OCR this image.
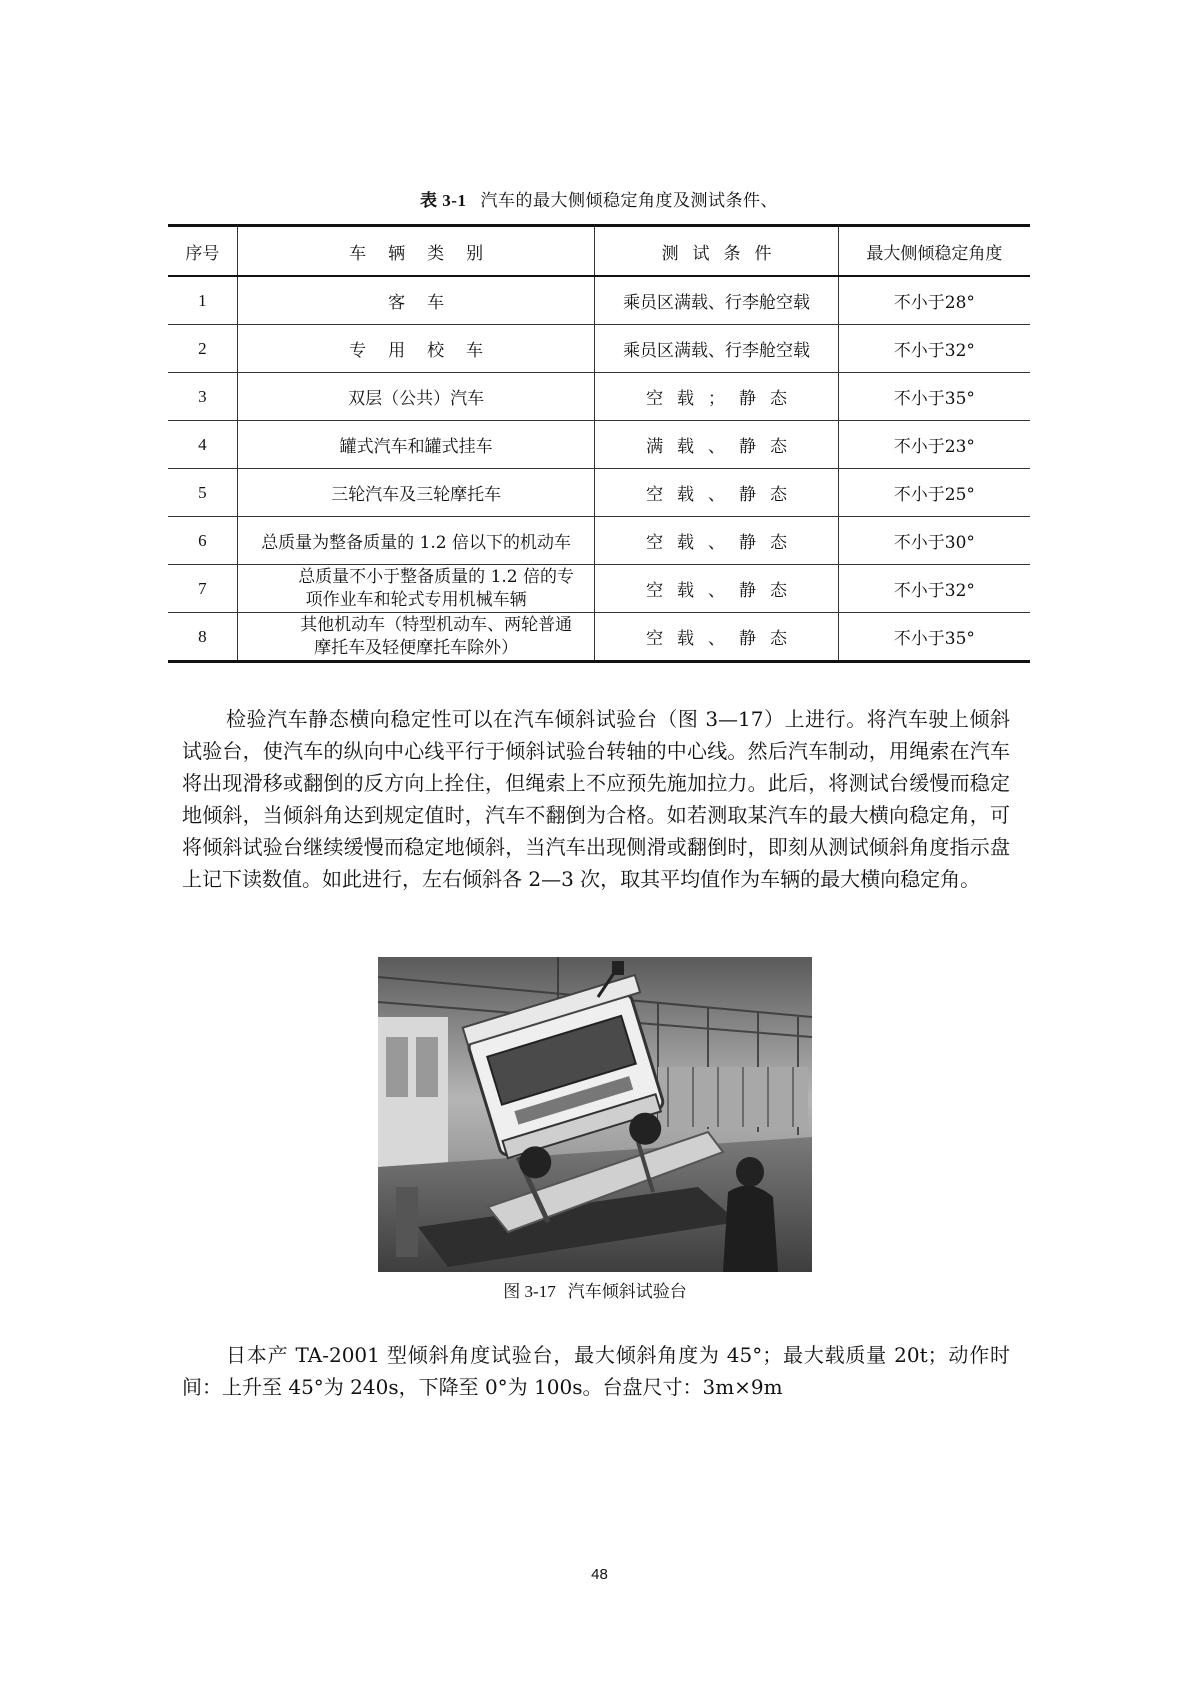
表 3-1 汽车的最大侧倾稳定角度及测试条件、
序号	车辆类别	测试条件	最大侧倾稳定角度
1	客车	乘员区满载、行李舱空载	不小于28°
2	专用校车	乘员区满载、行李舱空载	不小于32°
3	双层（公共）汽车	空载；静态	不小于35°
4	罐式汽车和罐式挂车	满载、静态	不小于23°
5	三轮汽车及三轮摩托车	空载、静态	不小于25°
6	总质量为整备质量的 1.2 倍以下的机动车	空载、静态	不小于30°
7	总质量不小于整备质量的 1.2 倍的专
项作业车和轮式专用机械车辆	空载、静态	不小于32°
8	其他机动车（特型机动车、两轮普通
摩托车及轻便摩托车除外）	空载、静态	不小于35°

检验汽车静态横向稳定性可以在汽车倾斜试验台（图 3—17）上进行。将汽车驶上倾斜试验台，使汽车的纵向中心线平行于倾斜试验台转轴的中心线。然后汽车制动，用绳索在汽车将出现滑移或翻倒的反方向上拴住，但绳索上不应预先施加拉力。此后，将测试台缓慢而稳定地倾斜，当倾斜角达到规定值时，汽车不翻倒为合格。如若测取某汽车的最大横向稳定角，可将倾斜试验台继续缓慢而稳定地倾斜，当汽车出现侧滑或翻倒时，即刻从测试倾斜角度指示盘上记下读数值。如此进行，左右倾斜各 2—3 次，取其平均值作为车辆的最大横向稳定角。

图 3-17 汽车倾斜试验台

日本产 TA-2001 型倾斜角度试验台，最大倾斜角度为 45°；最大载质量 20t；动作时间：上升至 45°为 240s，下降至 0°为 100s。台盘尺寸：3m×9m

48
